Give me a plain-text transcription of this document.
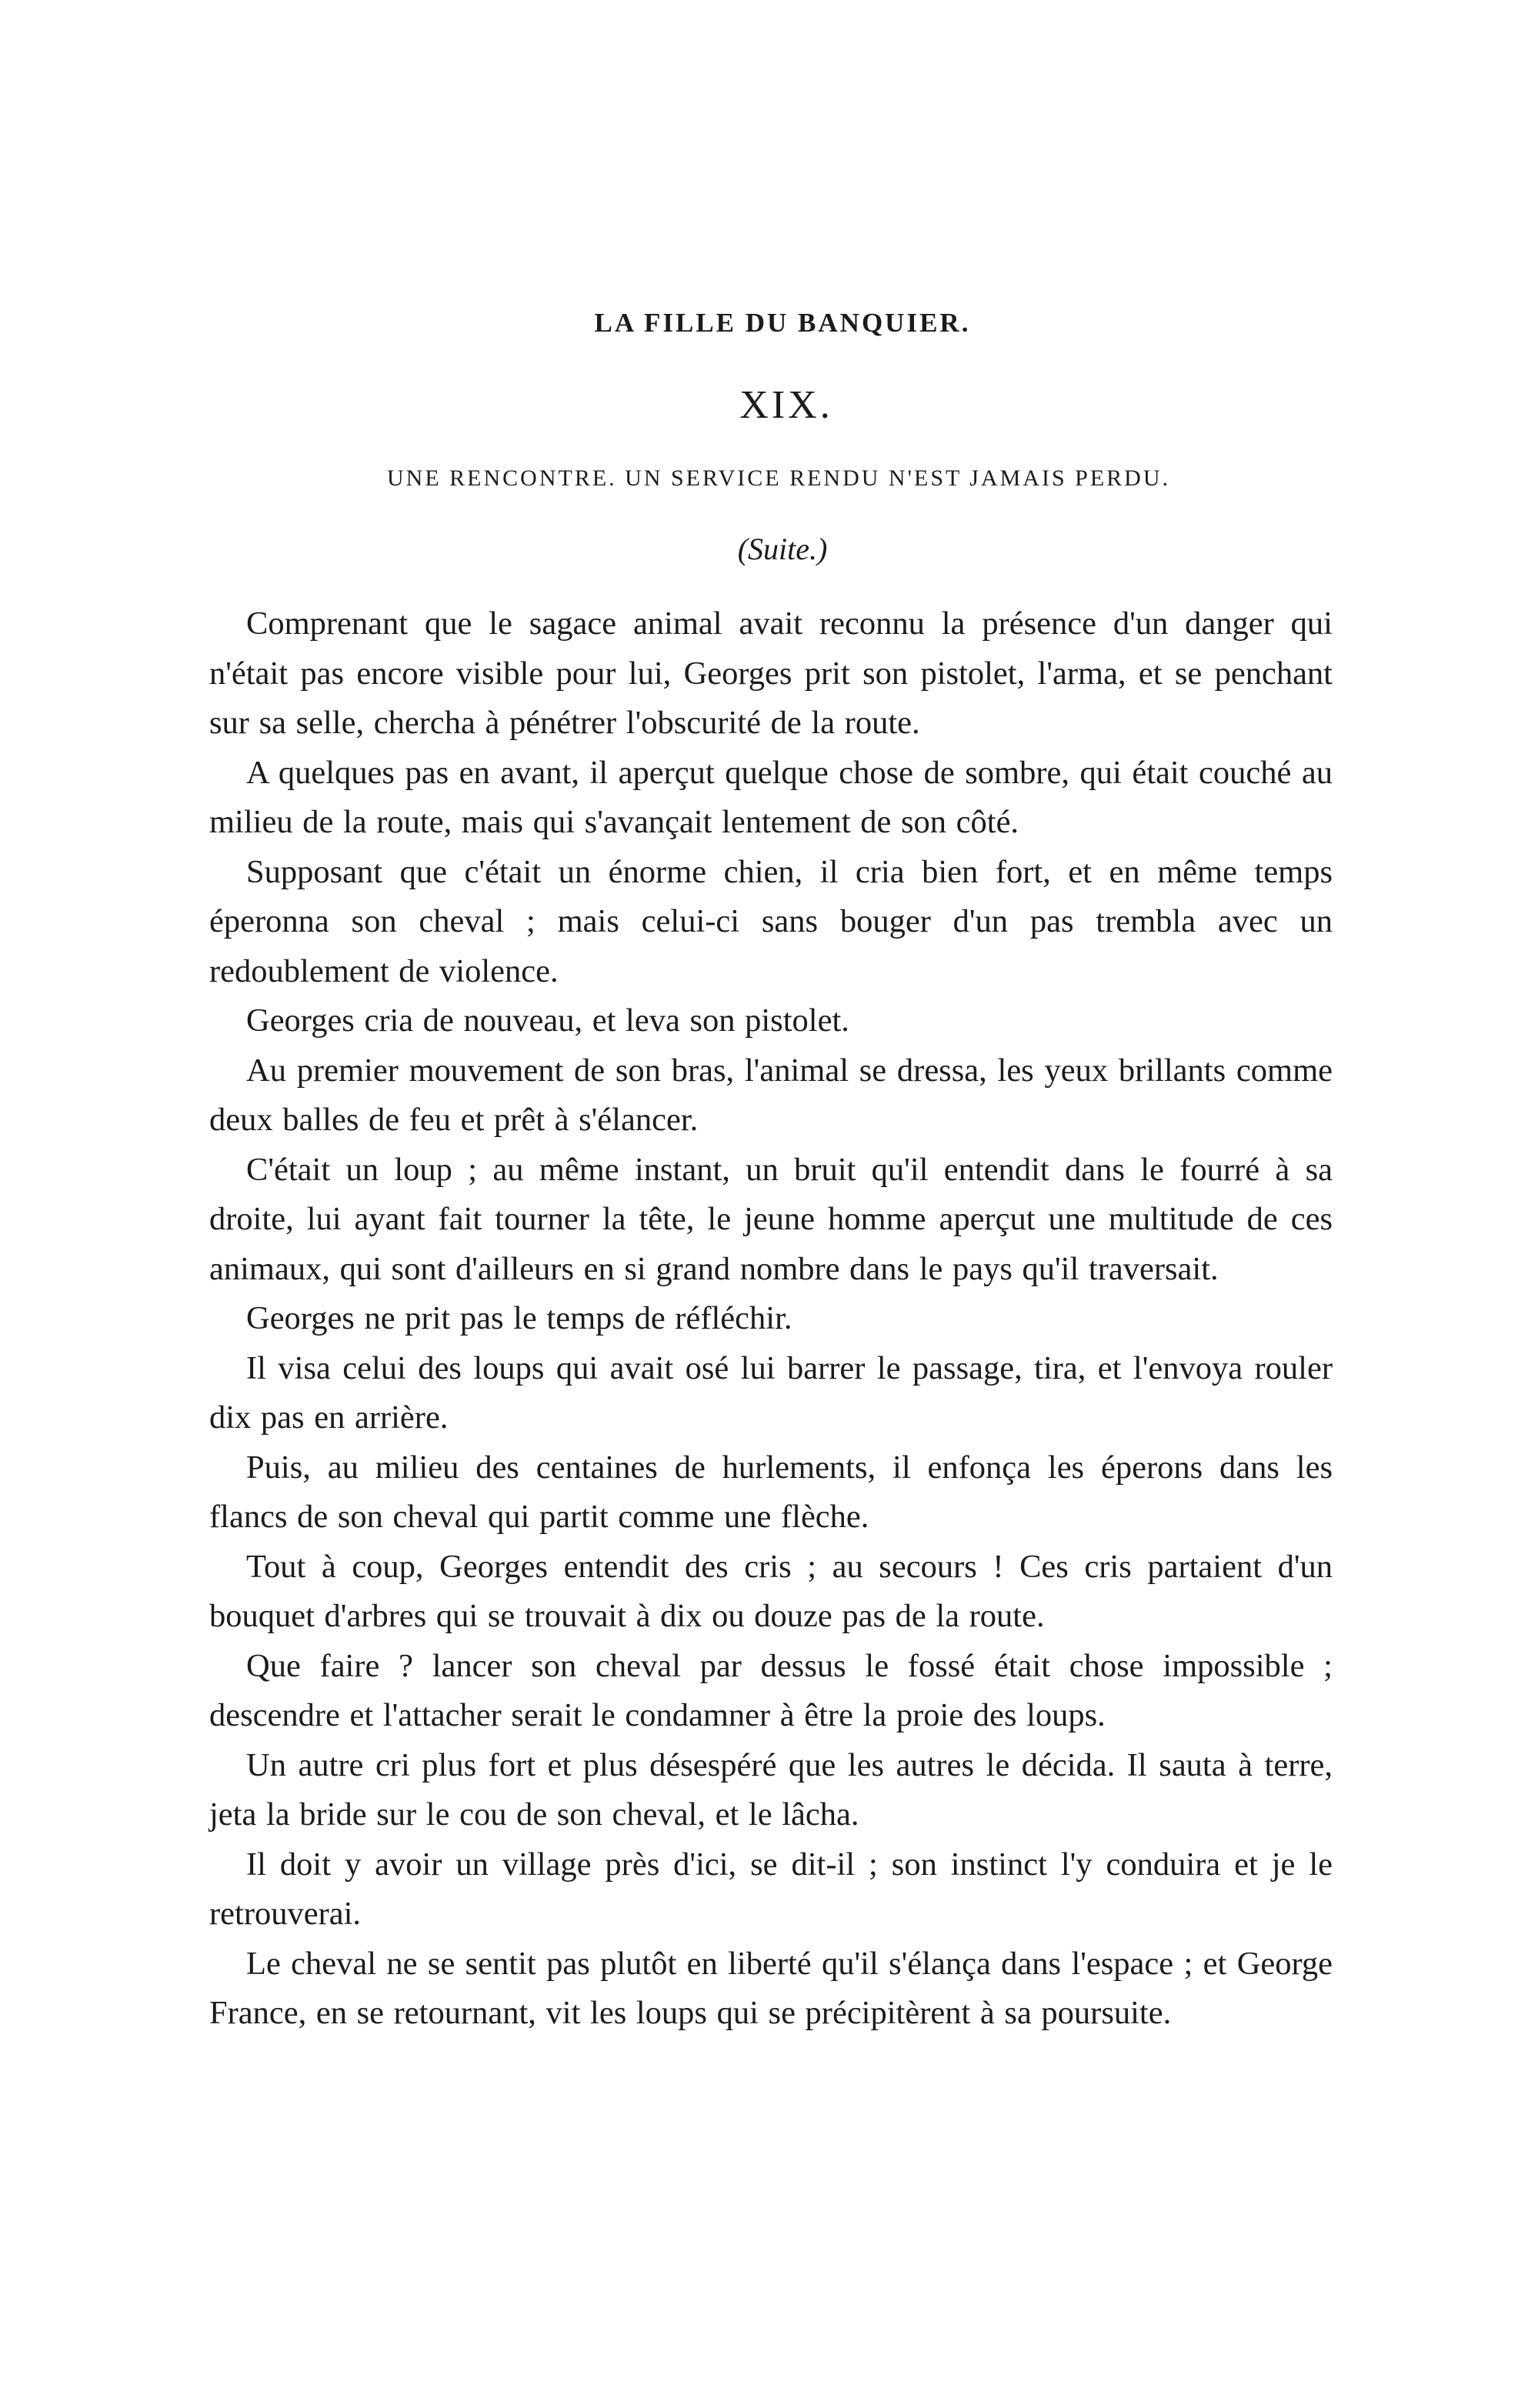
LA FILLE DU BANQUIER.
XIX.
UNE RENCONTRE. UN SERVICE RENDU N'EST JAMAIS PERDU.
(Suite.)

Comprenant que le sagace animal avait reconnu la présence d'un danger qui n'était pas encore visible pour lui, Georges prit son pistolet, l'arma, et se penchant sur sa selle, chercha à pénétrer l'obscurité de la route.

A quelques pas en avant, il aperçut quelque chose de sombre, qui était couché au milieu de la route, mais qui s'avançait lentement de son côté.

Supposant que c'était un énorme chien, il cria bien fort, et en même temps éperonna son cheval ; mais celui-ci sans bouger d'un pas trembla avec un redoublement de violence.

Georges cria de nouveau, et leva son pistolet.

Au premier mouvement de son bras, l'animal se dressa, les yeux brillants comme deux balles de feu et prêt à s'élancer.

C'était un loup ; au même instant, un bruit qu'il entendit dans le fourré à sa droite, lui ayant fait tourner la tête, le jeune homme aperçut une multitude de ces animaux, qui sont d'ailleurs en si grand nombre dans le pays qu'il traversait.

Georges ne prit pas le temps de réfléchir.

Il visa celui des loups qui avait osé lui barrer le passage, tira, et l'envoya rouler dix pas en arrière.

Puis, au milieu des centaines de hurlements, il enfonça les éperons dans les flancs de son cheval qui partit comme une flèche.

Tout à coup, Georges entendit des cris ; au secours ! Ces cris partaient d'un bouquet d'arbres qui se trouvait à dix ou douze pas de la route.

Que faire ? lancer son cheval par dessus le fossé était chose impossible ; descendre et l'attacher serait le condamner à être la proie des loups.

Un autre cri plus fort et plus désespéré que les autres le décida. Il sauta à terre, jeta la bride sur le cou de son cheval, et le lâcha.

Il doit y avoir un village près d'ici, se dit-il ; son instinct l'y conduira et je le retrouverai.

Le cheval ne se sentit pas plutôt en liberté qu'il s'élança dans l'espace ; et George France, en se retournant, vit les loups qui se précipitèrent à sa poursuite.
